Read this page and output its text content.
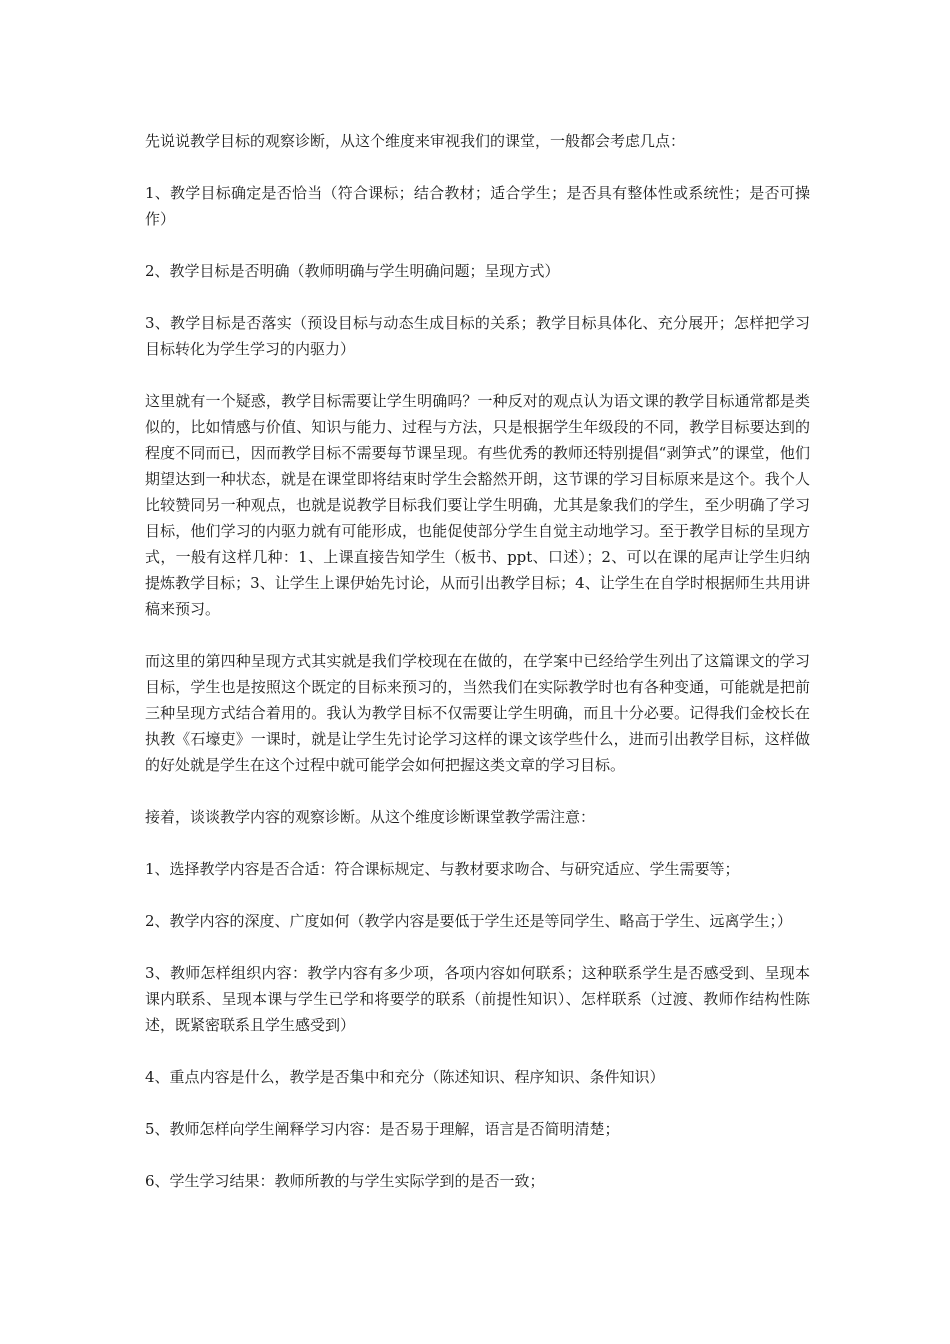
先说说教学目标的观察诊断，从这个维度来审视我们的课堂，一般都会考虑几点：

1、教学目标确定是否恰当（符合课标；结合教材；适合学生；是否具有整体性或系统性；是否可操作）

2、教学目标是否明确（教师明确与学生明确问题；呈现方式）

3、教学目标是否落实（预设目标与动态生成目标的关系；教学目标具体化、充分展开；怎样把学习目标转化为学生学习的内驱力）

这里就有一个疑惑，教学目标需要让学生明确吗？一种反对的观点认为语文课的教学目标通常都是类似的，比如情感与价值、知识与能力、过程与方法，只是根据学生年级段的不同，教学目标要达到的程度不同而已，因而教学目标不需要每节课呈现。有些优秀的教师还特别提倡“剥笋式”的课堂，他们期望达到一种状态，就是在课堂即将结束时学生会豁然开朗，这节课的学习目标原来是这个。我个人比较赞同另一种观点，也就是说教学目标我们要让学生明确，尤其是象我们的学生，至少明确了学习目标，他们学习的内驱力就有可能形成，也能促使部分学生自觉主动地学习。至于教学目标的呈现方式，一般有这样几种：1、上课直接告知学生（板书、ppt、口述）；2、可以在课的尾声让学生归纳提炼教学目标；3、让学生上课伊始先讨论，从而引出教学目标；4、让学生在自学时根据师生共用讲稿来预习。

而这里的第四种呈现方式其实就是我们学校现在在做的，在学案中已经给学生列出了这篇课文的学习目标，学生也是按照这个既定的目标来预习的，当然我们在实际教学时也有各种变通，可能就是把前三种呈现方式结合着用的。我认为教学目标不仅需要让学生明确，而且十分必要。记得我们金校长在执教《石壕吏》一课时，就是让学生先讨论学习这样的课文该学些什么，进而引出教学目标，这样做的好处就是学生在这个过程中就可能学会如何把握这类文章的学习目标。

接着，谈谈教学内容的观察诊断。从这个维度诊断课堂教学需注意：

1、选择教学内容是否合适：符合课标规定、与教材要求吻合、与研究适应、学生需要等；

2、教学内容的深度、广度如何（教学内容是要低于学生还是等同学生、略高于学生、远离学生；）

3、教师怎样组织内容：教学内容有多少项，各项内容如何联系；这种联系学生是否感受到、呈现本课内联系、呈现本课与学生已学和将要学的联系（前提性知识）、怎样联系（过渡、教师作结构性陈述，既紧密联系且学生感受到）

4、重点内容是什么，教学是否集中和充分（陈述知识、程序知识、条件知识）

5、教师怎样向学生阐释学习内容：是否易于理解，语言是否简明清楚；

6、学生学习结果：教师所教的与学生实际学到的是否一致；
